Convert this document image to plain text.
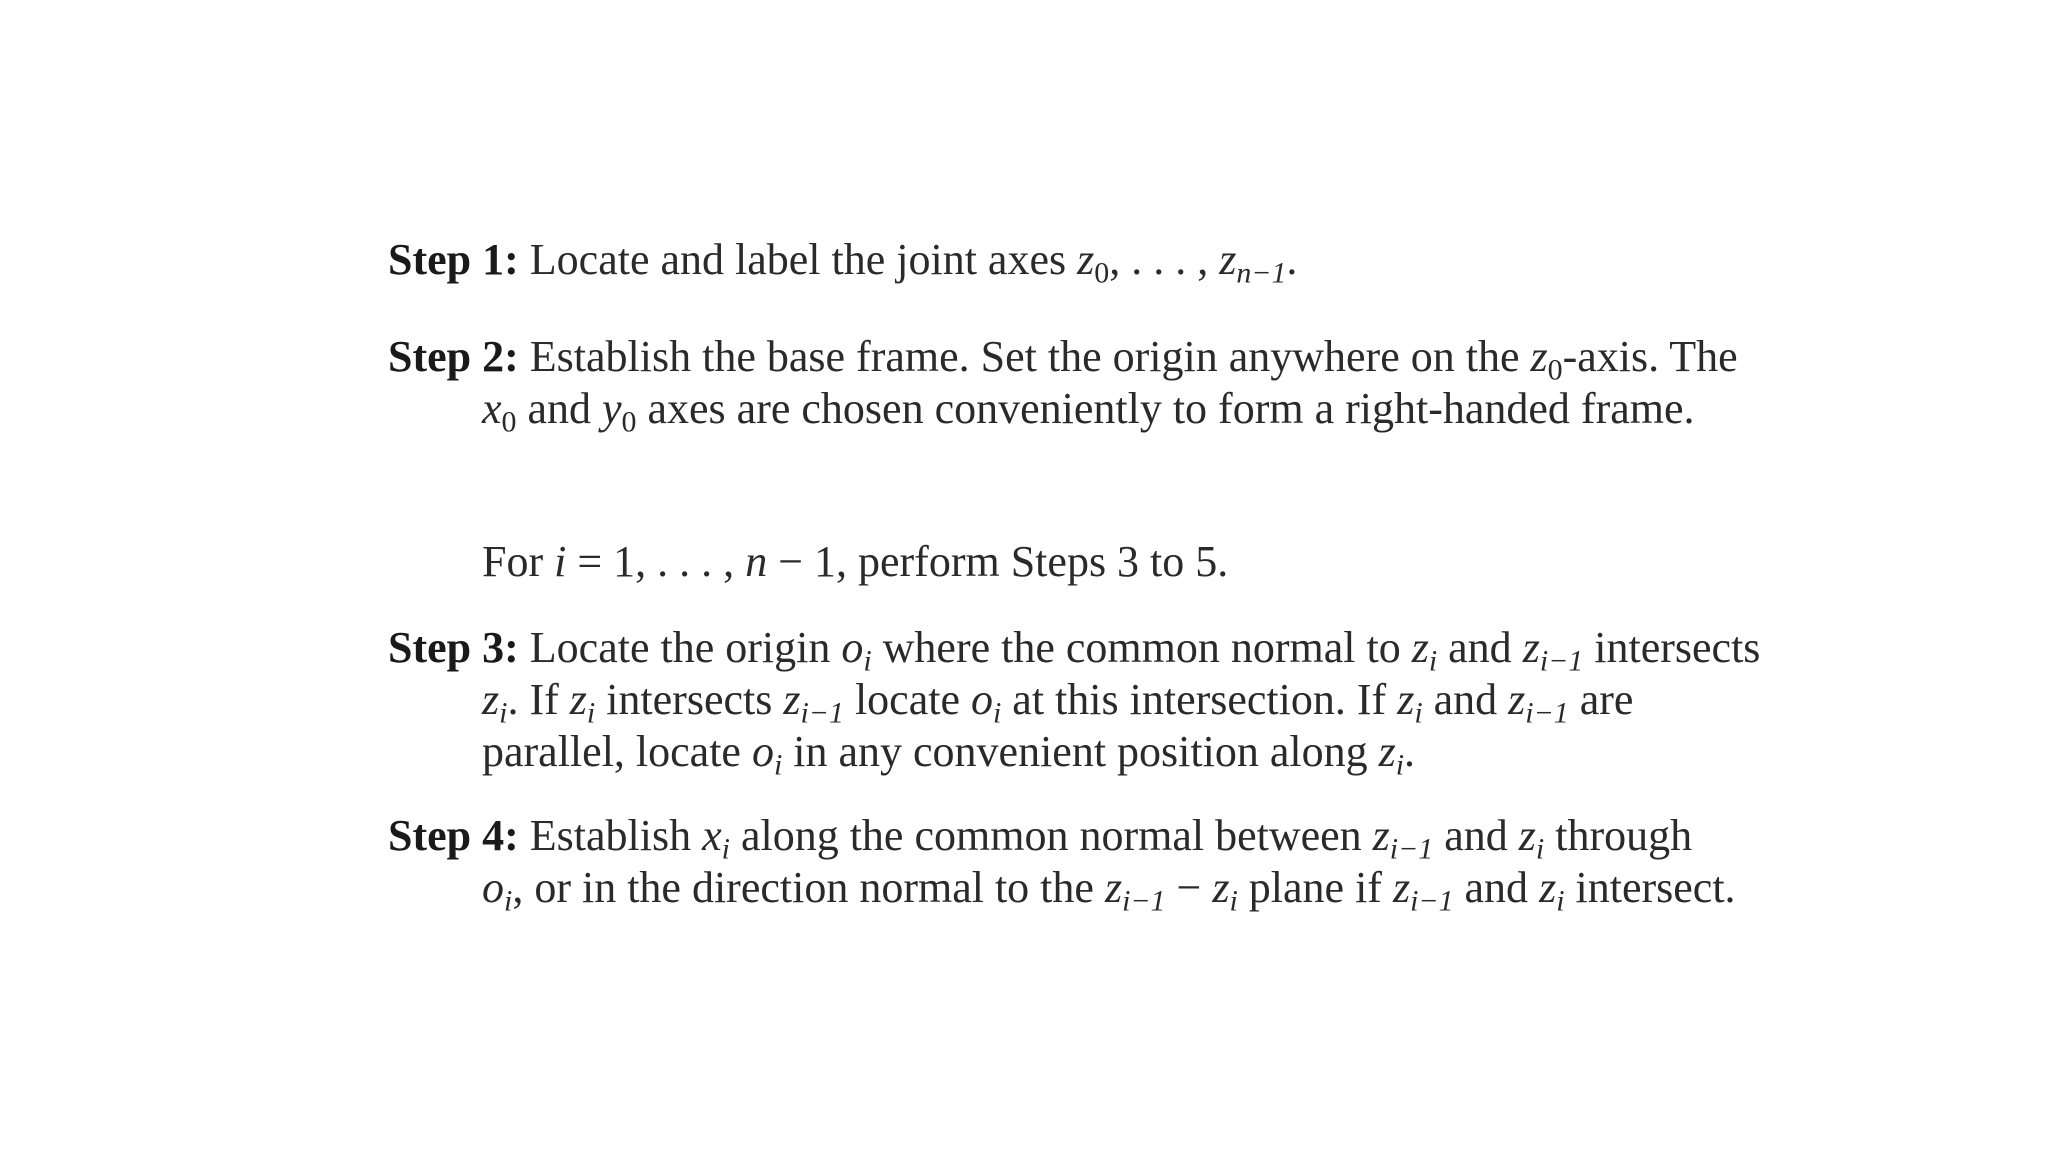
Step 1: Locate and label the joint axes $z_0$, . . . , $z_{n-1}$.
Step 2: Establish the base frame. Set the origin anywhere on the $z_0$-axis. The
$x_0$ and $y_0$ axes are chosen conveniently to form a right-handed frame.
For i = 1, . . . , n − 1, perform Steps 3 to 5.
Step 3: Locate the origin $o_i$ where the common normal to $z_i$ and $z_{i-1}$ intersects
$z_i$. If $z_i$ intersects $z_{i-1}$ locate $o_i$ at this intersection. If $z_i$ and $z_{i-1}$ are
parallel, locate $o_i$ in any convenient position along $z_i$.
Step 4: Establish $x_i$ along the common normal between $z_{i-1}$ and $z_i$ through
$o_i$, or in the direction normal to the $z_{i-1} - z_i$ plane if $z_{i-1}$ and $z_i$ intersect.
